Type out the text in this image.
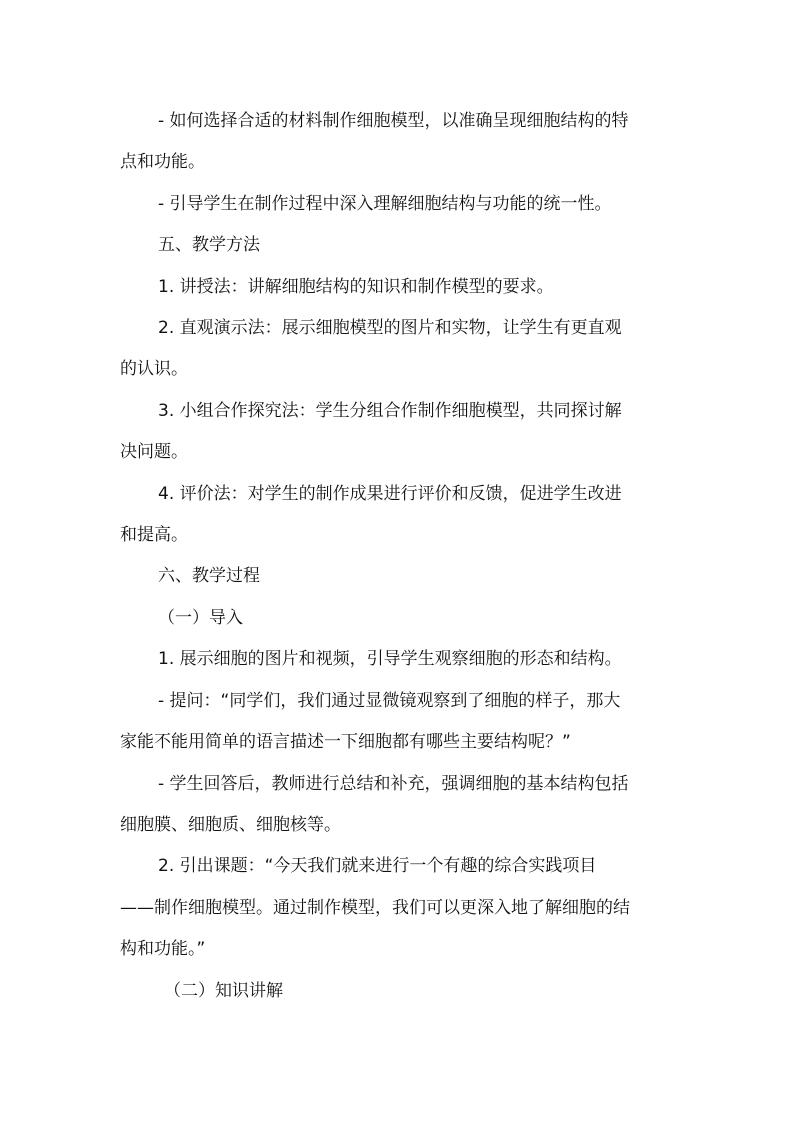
- 如何选择合适的材料制作细胞模型，以准确呈现细胞结构的特
点和功能。
- 引导学生在制作过程中深入理解细胞结构与功能的统一性。
五、教学方法
1. 讲授法：讲解细胞结构的知识和制作模型的要求。
2. 直观演示法：展示细胞模型的图片和实物，让学生有更直观
的认识。
3. 小组合作探究法：学生分组合作制作细胞模型，共同探讨解
决问题。
4. 评价法：对学生的制作成果进行评价和反馈，促进学生改进
和提高。
六、教学过程
（一）导入
1. 展示细胞的图片和视频，引导学生观察细胞的形态和结构。
- 提问：“同学们，我们通过显微镜观察到了细胞的样子，那大
家能不能用简单的语言描述一下细胞都有哪些主要结构呢？”
- 学生回答后，教师进行总结和补充，强调细胞的基本结构包括
细胞膜、细胞质、细胞核等。
2. 引出课题：“今天我们就来进行一个有趣的综合实践项目
——制作细胞模型。通过制作模型，我们可以更深入地了解细胞的结
构和功能。”
（二）知识讲解
